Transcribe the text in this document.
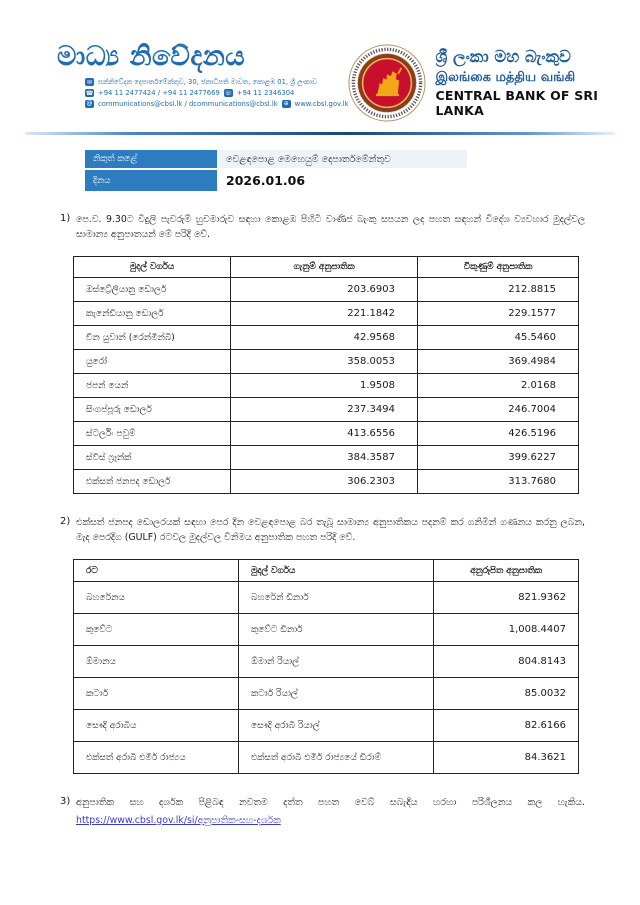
මාධ්‍ය නිවේදනය
✉ සන්නිවේදන දෙපාර්තමේන්තුව, 30, ජනාධිපති මාවත, කොළඹ 01, ශ්‍රී ලංකාව
☎ +94 11 2477424 / +94 11 2477669 ☏ +94 11 2346304
@ communications@cbsl.lk / dcommunications@cbsl.lk ⊕ www.cbsl.gov.lk
ශ්‍රී ලංකා මහ බැංකුව
இலங்கை மத்திய வங்கி
CENTRAL BANK OF SRI LANKA
නිකුත් කළේ	වෙළඳපොළ මෙහෙයුම් දෙපාර්තමේන්තුව
දිනය	2026.01.06
1) පෙ.ව. 9.30ට විදුලි පැවරුම් හුවමාරුව සඳහා කොළඹ පිහිටි වාණිජ බැංකු සපයන ලද පහත සඳහන් විදේශ ව්‍යවහාර මුදල්වල සාමාන්‍ය අනුපාතයන් මේ පරිදි වේ.
මුදල් වර්ගය	ගැනුම් අනුපාතික	විකුණුම් අනුපාතික
ඔස්ට්‍රේලියානු ඩොලර්	203.6903	212.8815
කැනේඩියානු ඩොලර්	221.1842	229.1577
චීන යුවාන් (රෙන්මින්බි)	42.9568	45.5460
යුරෝ	358.0053	369.4984
ජපන් යෙන්	1.9508	2.0168
සිංගප්පූරු ඩොලර්	237.3494	246.7004
ස්ටර්ලිං පවුම්	413.6556	426.5196
ස්විස් ෆ්‍රෑන්ක්	384.3587	399.6227
එක්සත් ජනපද ඩොලර්	306.2303	313.7680
2) එක්සත් ජනපද ඩොලරයක් සඳහා පෙර දින වෙළඳපොළ බර තැබූ සාමාන්‍ය අනුපාතිකය පදනම් කර ගනිමින් ගණනය කරනු ලබන, මැද පෙරදිග (GULF) රටවල මුදල්වල විනිමය අනුපාතික පහත පරිදි වේ.
රට	මුදල් වර්ගය	අනුරූපිත අනුපාතික
බහරේනය	බහරේන් ඩිනාර්	821.9362
කුවේට	කුවේට ඩිනාර්	1,008.4407
ඕමානය	ඕමාන් රියාල්	804.8143
කටාර්	කටාර් රියාල්	85.0032
සෞදි අරාබිය	සෞදි අරාබි රියාල්	82.6166
එක්සත් අරාබි එමීර් රාජ්‍යය	එක්සත් අරාබි එමීර් රාජ්‍යයේ ඩිරාම්	84.3621
3) අනුපාතික සහ දර්ශක පිළිබඳ නවතම දත්ත පහත වෙබ් සබැඳිය හරහා පරිශීලනය කල හැකිය. https://www.cbsl.gov.lk/si/අනුපාතික-සහ-දර්ශක
